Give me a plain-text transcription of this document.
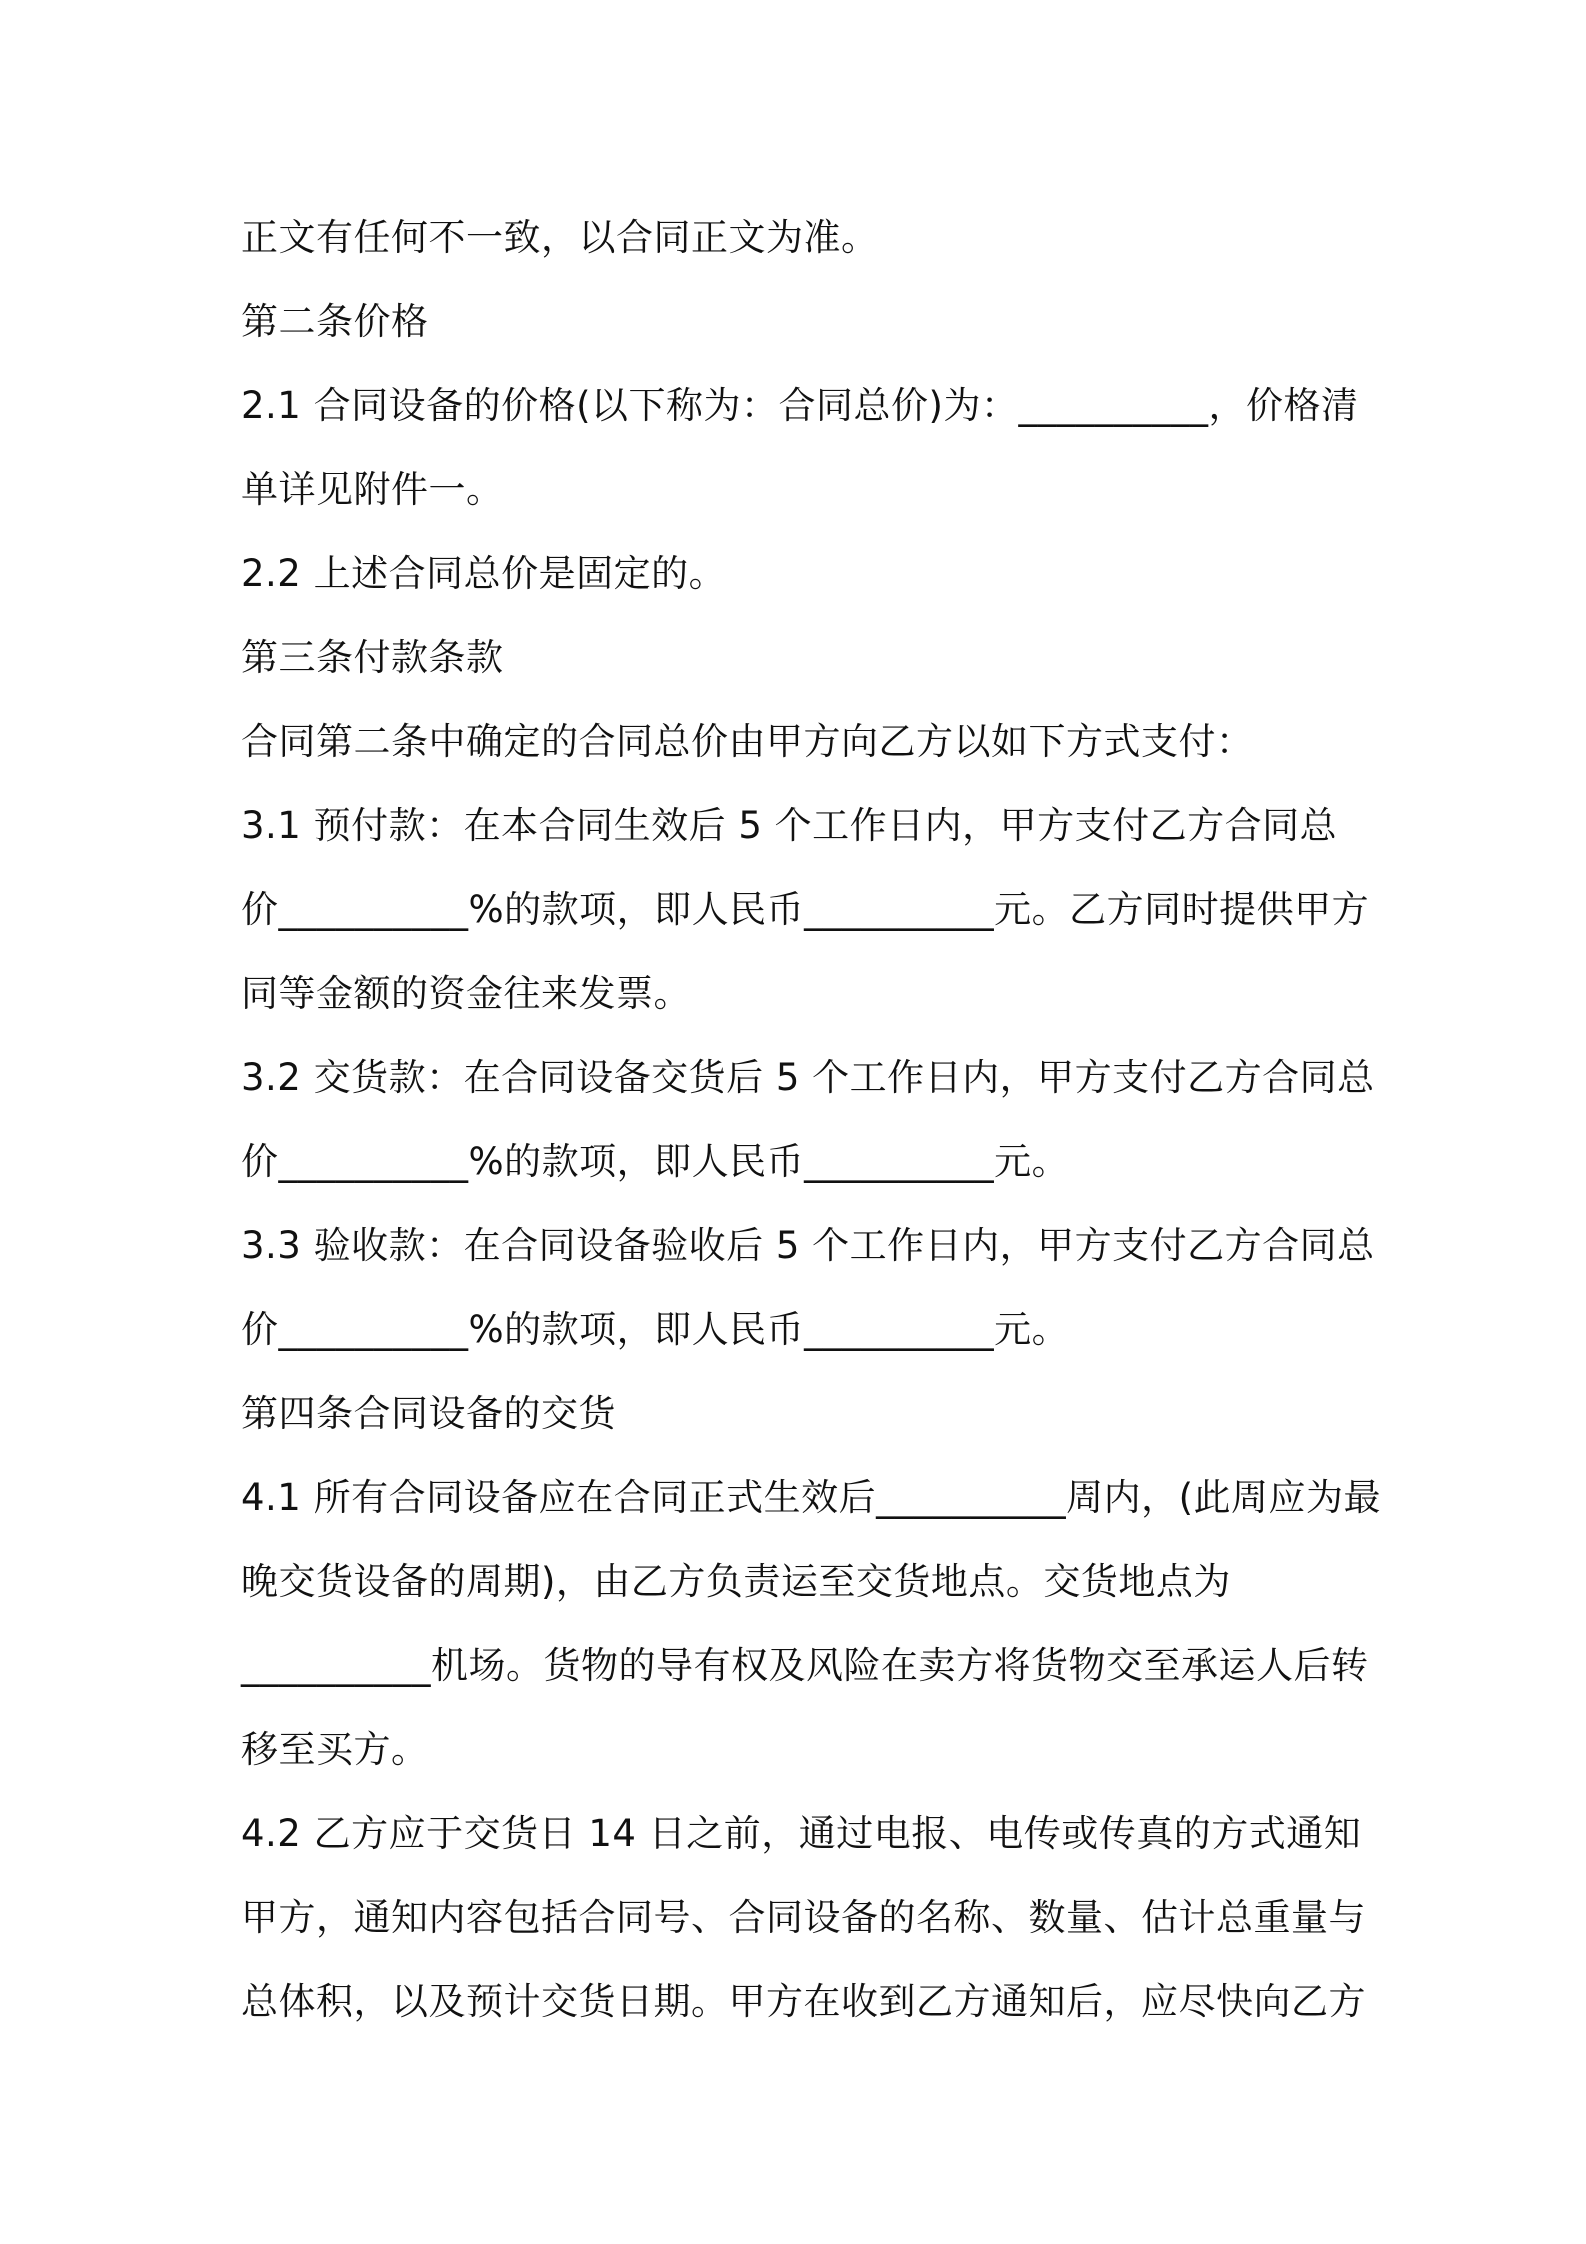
正文有任何不一致，以合同正文为准。
第二条价格
2.1 合同设备的价格(以下称为：合同总价)为：__________，价格清
单详见附件一。
2.2 上述合同总价是固定的。
第三条付款条款
合同第二条中确定的合同总价由甲方向乙方以如下方式支付：
3.1 预付款：在本合同生效后 5 个工作日内，甲方支付乙方合同总
价__________%的款项，即人民币__________元。乙方同时提供甲方
同等金额的资金往来发票。
3.2 交货款：在合同设备交货后 5 个工作日内，甲方支付乙方合同总
价__________%的款项，即人民币__________元。
3.3 验收款：在合同设备验收后 5 个工作日内，甲方支付乙方合同总
价__________%的款项，即人民币__________元。
第四条合同设备的交货
4.1 所有合同设备应在合同正式生效后__________周内，(此周应为最
晚交货设备的周期)，由乙方负责运至交货地点。交货地点为
__________机场。货物的导有权及风险在卖方将货物交至承运人后转
移至买方。
4.2 乙方应于交货日 14 日之前，通过电报、电传或传真的方式通知
甲方，通知内容包括合同号、合同设备的名称、数量、估计总重量与
总体积，以及预计交货日期。甲方在收到乙方通知后，应尽快向乙方
